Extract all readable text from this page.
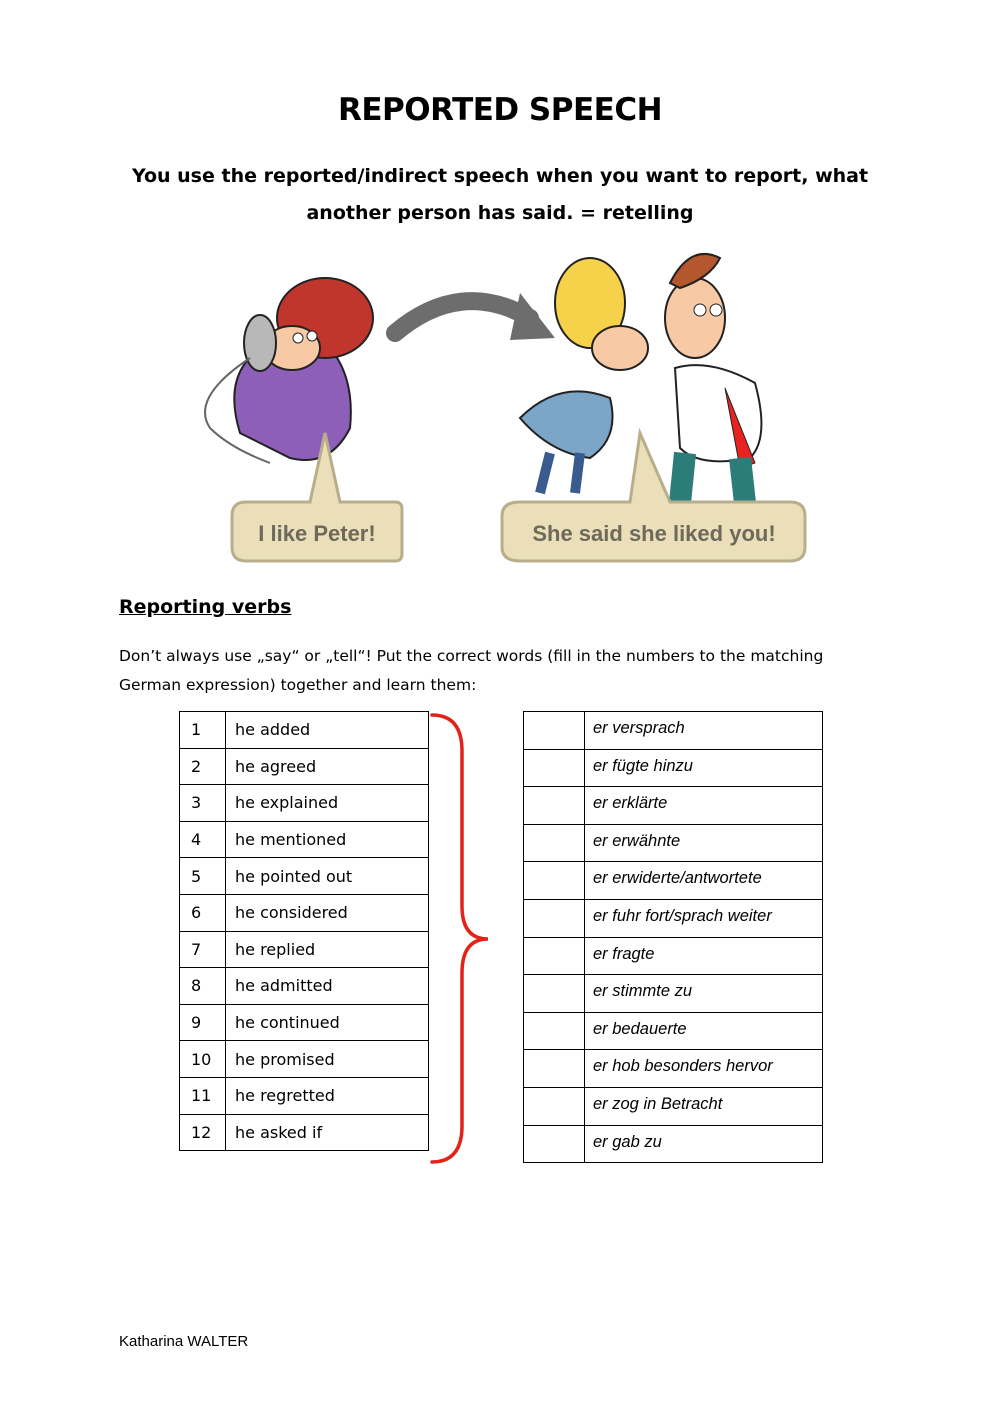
REPORTED SPEECH
You use the reported/indirect speech when you want to report, what another person has said. = retelling
I like Peter!	She said she liked you!
Reporting verbs
Don’t always use „say“ or „tell“! Put the correct words (fill in the numbers to the matching German expression) together and learn them:
1	he added
2	he agreed
3	he explained
4	he mentioned
5	he pointed out
6	he considered
7	he replied
8	he admitted
9	he continued
10	he promised
11	he regretted
12	he asked if
	er versprach
	er fügte hinzu
	er erklärte
	er erwähnte
	er erwiderte/antwortete
	er fuhr fort/sprach weiter
	er fragte
	er stimmte zu
	er bedauerte
	er hob besonders hervor
	er zog in Betracht
	er gab zu
Katharina WALTER
